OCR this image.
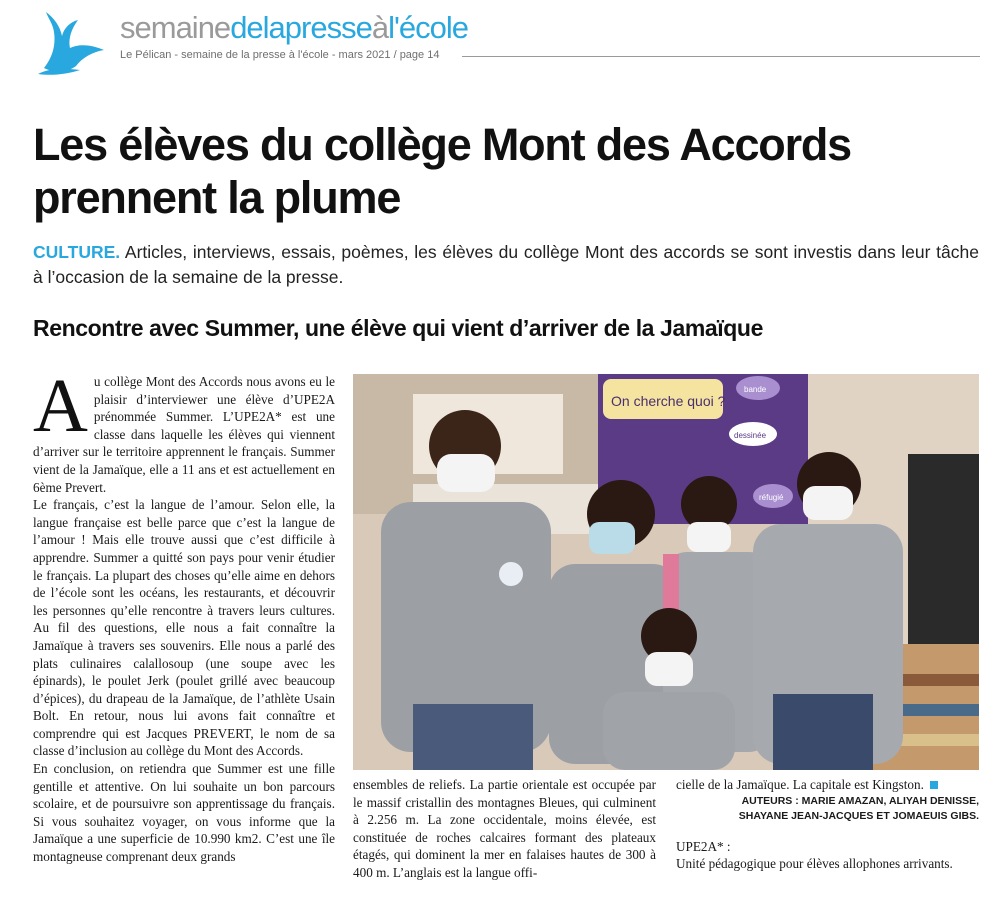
semainedelapresseàl'école
Le Pélican - semaine de la presse à l'école - mars 2021 / page 14
Les élèves du collège Mont des Accords prennent la plume
CULTURE. Articles, interviews, essais, poèmes, les élèves du collège Mont des accords se sont investis dans leur tâche à l’occasion de la semaine de la presse.
Rencontre avec Summer, une élève qui vient d’arriver de la Jamaïque

Au collège Mont des Accords nous avons eu le plaisir d’interviewer une élève d’UPE2A prénommée Summer. L’UPE2A* est une classe dans laquelle les élèves qui viennent d’arriver sur le territoire apprennent le français. Summer vient de la Jamaïque, elle a 11 ans et est actuellement en 6ème Prevert.

Le français, c’est la langue de l’amour. Selon elle, la langue française est belle parce que c’est la langue de l’amour ! Mais elle trouve aussi que c’est difficile à apprendre. Summer a quitté son pays pour venir étudier le français. La plupart des choses qu’elle aime en dehors de l’école sont les océans, les restaurants, et découvrir les personnes qu’elle rencontre à travers leurs cultures. Au fil des questions, elle nous a fait connaître la Jamaïque à travers ses souvenirs. Elle nous a parlé des plats culinaires calallosoup (une soupe avec les épinards), le poulet Jerk (poulet grillé avec beaucoup d’épices), du drapeau de la Jamaïque, de l’athlète Usain Bolt. En retour, nous lui avons fait connaître et comprendre qui est Jacques PREVERT, le nom de sa classe d’inclusion au collège du Mont des Accords.

En conclusion, on retiendra que Summer est une fille gentille et attentive. On lui souhaite un bon parcours scolaire, et de poursuivre son apprentissage du français. Si vous souhaitez voyager, on vous informe que la Jamaïque a une superficie de 10.990 km2. C’est une île montagneuse comprenant deux grands

On cherche quoi ?
bande
dessinée
réfugié
ensembles de reliefs. La partie orientale est occupée par le massif cristallin des montagnes Bleues, qui culminent à 2.256 m. La zone occidentale, moins élevée, est constituée de roches calcaires formant des plateaux étagés, qui dominent la mer en falaises hautes de 300 à 400 m. L’anglais est la langue offi-
cielle de la Jamaïque. La capitale est Kingston.
AUTEURS : MARIE AMAZAN, ALIYAH DENISSE,
SHAYANE JEAN-JACQUES ET JOMAEUIS GIBS.
UPE2A* :
Unité pédagogique pour élèves allophones arrivants.
